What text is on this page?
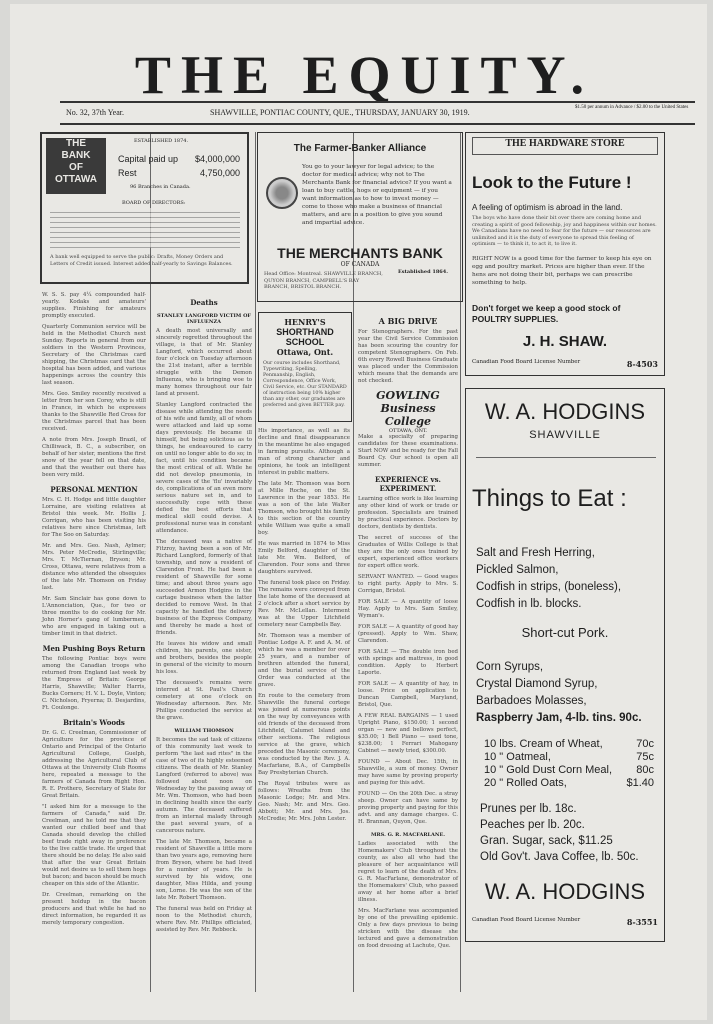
THE EQUITY.
No. 32, 37th Year.	SHAWVILLE, PONTIAC COUNTY, QUE., THURSDAY, JANUARY 30, 1919.
$1.50 per annum in Advance / $2.00 to the United States
THE
BANK
OF
OTTAWA
ESTABLISHED 1874.
Capital paid up $4,000,000
Rest	4,750,000
96 Branches in Canada.
BOARD OF DIRECTORS:
A bank well equipped to serve the public: Drafts, Money Orders and Letters of Credit issued. Interest added half-yearly to Savings Balances.
The Farmer-Banker Alliance
You go to your lawyer for legal advice; to the doctor for medical advice; why not to The Merchants Bank for financial advice? If you want a loan to buy cattle, hogs or equipment — if you want information as to how to invest money — come to those who make a business of financial matters, and are in a position to give you sound and impartial advice.
THE MERCHANTS BANK
OF CANADA
Established 1864.
Head Office: Montreal. SHAWVILLE BRANCH, QUYON BRANCH, CAMPBELL'S BAY BRANCH, BRISTOL BRANCH.
THE HARDWARE STORE
Look to the Future !
A feeling of optimism is abroad in the land.
The boys who have done their bit over there are coming home and creating a spirit of good fellowship, joy and happiness within our homes. We Canadians have no need to fear for the future — our resources are unlimited and it is the duty of everyone to spread this feeling of optimism — to think it, to act it, to live it.
RIGHT NOW is a good time for the farmer to keep his eye on egg and poultry market. Prices are higher than ever. If the hens are not doing their bit, perhaps we can prescribe something to help.
Don't forget we keep a good stock of POULTRY SUPPLIES.
J. H. SHAW.
Canadian Food Board License Number	8-4503
W. A. HODGINS
SHAWVILLE
Things to Eat :
Salt and Fresh Herring,
Pickled Salmon,
Codfish in strips, (boneless),
Codfish in lb. blocks.
Short-cut Pork.
Corn Syrups,
Crystal Diamond Syrup,
Barbadoes Molasses,
Raspberry Jam, 4-lb. tins. 90c.
10 lbs. Cream of Wheat,	70c
10 " Oatmeal,	75c
10 " Gold Dust Corn Meal, 80c
20 " Rolled Oats,	$1.40
Prunes per lb. 18c.
Peaches per lb. 20c.
Gran. Sugar, sack, $11.25
Old Gov't. Java Coffee, lb. 50c.
W. A. HODGINS
Canadian Food Board License Number	8-3551

W. S. S. pay 4¼ compounded half-yearly. Kodaks and amateurs' supplies. Finishing for amateurs promptly executed.

Quarterly Communion service will be held in the Methodist Church next Sunday. Reports in general from our soldiers in the Western Provinces, Secretary of the Christmas card shipping, the Christmas card that the hospital has been added, and various happenings across the country this last season.

Mrs. Geo. Smiley recently received a letter from her son Corey, who is still in France, in which he expresses thanks to the Shawville Red Cross for the Christmas parcel that has been received.

A note from Mrs. Joseph Brazil, of Chilliwack, B. C., a subscriber, on behalf of her sister, mentions the first snow of the year fell on that date, and that the weather out there has been very mild.

PERSONAL MENTION

Mrs. C. H. Hodge and little daughter Lorraine, are visiting relatives at Bristol this week. Mr. Hollis J. Corrigan, who has been visiting his relatives here since Christmas, left for The Soo on Saturday.

Mr. and Mrs. Geo. Nash, Aylmer; Mrs. Peter McCredie, Stirlingville; Mrs. T. McTiernan, Bryson; Mr. Cross, Ottawa, were relatives from a distance who attended the obsequies of the late Mr. Thomson on Friday last.

Mr. Sam Sinclair has gone down to L'Annonciation, Que., for two or three months to do cooking for Mr. John Horner's gang of lumbermen, who are engaged in taking out a timber limit in that district.

Men Pushing Boys Return

The following Pontiac boys were among the Canadian troops who returned from England last week by the Empress of Britain: George Harris, Shawville; Walter Harris, Bucks Corners; H. V. L. Doyle, Vinton; C. Nicholson, Fryerna; D. Desjardins, Ft. Coulonge.

Britain's Woods

Dr. G. C. Creelman, Commissioner of Agriculture for the province of Ontario and Principal of the Ontario Agricultural College, Guelph, addressing the Agricultural Club of Ottawa at the University Club Rooms here, repeated a message to the farmers of Canada from Right Hon. R. E. Prothero, Secretary of State for Great Britain.

"I asked him for a message to the farmers of Canada," said Dr. Creelman, and he told me that they wanted our chilled beef and that Canada should develop the chilled beef trade right away in preference to the live cattle trade. He urged that there should be no delay. He also said that after the war Great Britain would not desire us to sell them hogs but bacon; and bacon should be much cheaper on this side of the Atlantic.

Dr. Creelman, remarking on the present holdup in the bacon producers and that while he had no direct information, he regarded it as merely temporary congestion.

Deaths
STANLEY LANGFORD VICTIM OF INFLUENZA

A death most universally and sincerely regretted throughout the village, is that of Mr. Stanley Langford, which occurred about four o'clock on Tuesday afternoon the 21st instant, after a terrible struggle with the Demon Influenza, who is bringing woe to many homes throughout our fair land at present.

Stanley Langford contracted the disease while attending the needs of his wife and family, all of whom were attacked and laid up some days previously. He became ill himself, but being solicitous as to things, he endeavoured to carry on until no longer able to do so; in fact, until his condition became the most critical of all. While he did not develop pneumonia, in severe cases of the 'flu' invariably do, complications of an even more serious nature set in, and to successfully cope with these defied the best efforts that medical skill could devise. A professional nurse was in constant attendance.

The deceased was a native of Fitzroy, having been a son of Mr. Richard Langford, formerly of that township, and now a resident of Clarendon Front. He had been a resident of Shawville for some time; and about three years ago succeeded Armon Hodgins in the cartage business when the latter decided to remove West. In that capacity he handled the delivery business of the Express Company, and thereby he made a host of friends.

He leaves his widow and small children, his parents, one sister, and brothers, besides the people in general of the vicinity to mourn his loss.

The deceased's remains were interred at St. Paul's Church cemetery at one o'clock on Wednesday afternoon. Rev. Mr. Phillips conducted the service at the grave.

WILLIAM THOMSON

It becomes the sad task of citizens of this community last week to perform "the last sad rites" in the case of two of its highly esteemed citizens. The death of Mr. Stanley Langford (referred to above) was followed about noon on Wednesday by the passing away of Mr. Wm. Thomson, who had been in declining health since the early autumn. The deceased suffered from an internal malady through the past several years, of a cancerous nature.

The late Mr. Thomson, became a resident of Shawville a little more than two years ago, removing here from Bryson, where he had lived for a number of years. He is survived by his widow, one daughter, Miss Hilda, and young son, Lorne. He was the son of the late Mr. Robert Thomson.

The funeral was held on Friday at noon to the Methodist church, where Rev. Mr. Phillips officiated, assisted by Rev. Mr. Rebbeck.

HENRY'S
SHORTHAND SCHOOL
Ottawa, Ont.
Our course includes Shorthand, Typewriting, Spelling, Penmanship, English, Correspondence, Office Work, Civil Service, etc. Our STANDARD of instruction being 10% higher than any other, our graduates are preferred and given BETTER pay.

His importance, as well as its decline and final disappearance in the meantime he also engaged in farming pursuits. Although a man of strong character and opinions, he took an intelligent interest in public matters.

The late Mr. Thomson was born at Mille Roche, on the St. Lawrence in the year 1853. He was a son of the late Walter Thomson, who brought his family to this section of the country while William was quite a small boy.

He was married in 1874 to Miss Emily Belford, daughter of the late Mr. Wm. Belford, of Clarendon. Four sons and three daughters survived.

The funeral took place on Friday. The remains were conveyed from the late home of the deceased at 2 o'clock after a short service by Rev. Mr. McLellan. Interment was at the Upper Litchfield cemetery near Campbells Bay.

Mr. Thomson was a member of Pontiac Lodge A. F. and A. M. of which he was a member for over 25 years, and a number of brethren attended the funeral, and the burial service of the Order was conducted at the grave.

En route to the cemetery from Shawville the funeral cortege was joined at numerous points on the way by conveyances with old friends of the deceased from Litchfield, Calumet Island and other sections. The religious service at the grave, which preceded the Masonic ceremony, was conducted by the Rev. J. A. Macfarlane, B.A., of Campbells Bay Presbyterian Church.

The Royal tributes were as follows: Wreaths from the Masonic Lodge; Mr. and Mrs. Geo. Nash; Mr. and Mrs. Geo. Abbott; Mr. and Mrs. Jos. McCredie; Mr. Mrs. John Lester.

A BIG DRIVE

For Stenographers. For the past year the Civil Service Commission has been scouring the country for competent Stenographers. On Feb. 6th every Rowell Business Graduate was placed under the Commission which means that the demands are not checked.

GOWLING Business College
OTTAWA, ONT.

Make a specialty of preparing candidates for these examinations. Start NOW and be ready for the Fall Board Cy. Our school is open all summer.

EXPERIENCE vs. EXPERIMENT.

Learning office work is like learning any other kind of work or trade or profession. Specialists are trained by practical experience. Doctors by doctors, dentists by dentists.

The secret of success of the Graduates of Willis College is that they are the only ones trained by expert, experienced office workers for expert office work.

SERVANT WANTED. — Good wages to right party. Apply to Mrs. S. Corrigan, Bristol.

FOR SALE — A quantity of loose Hay. Apply to Mrs. Sam Smiley, Wyman's.

FOR SALE — A quantity of good hay (pressed). Apply to Wm. Shaw, Clarendon.

FOR SALE — The double iron bed with springs and mattress, in good condition. Apply to Herbert Laporte.

FOR SALE — A quantity of hay, in loose. Price on application to Duncan Campbell, Maryland, Bristol, Que.

A FEW REAL BARGAINS — 1 used Upright Piano, $150.00; 1 second organ — new and bellows perfect, $35.00; 1 Bell Piano — used tone, $238.00; 1 Ferrari Mahogany Cabinet — newly tried, $300.00.

FOUND — About Dec. 15th, in Shawville, a sum of money. Owner may have same by proving property and paying for this advt.

FOUND — On the 20th Dec. a stray sheep. Owner can have same by proving property and paying for this advt. and any damage charges. C. H. Brannan, Quyon, Que.

MRS. G. R. MACFARLANE.

Ladies associated with the Homemakers' Club throughout the county, as also all who had the pleasure of her acquaintance will regret to learn of the death of Mrs. G. R. MacFarlane, demonstrator of the Homemakers' Club, who passed away at her home after a brief illness.

Mrs. MacFarlane was accompanied by one of the prevailing epidemic. Only a few days previous to being stricken with the disease she lectured and gave a demonstration on food dressing at Lachute, Que.
